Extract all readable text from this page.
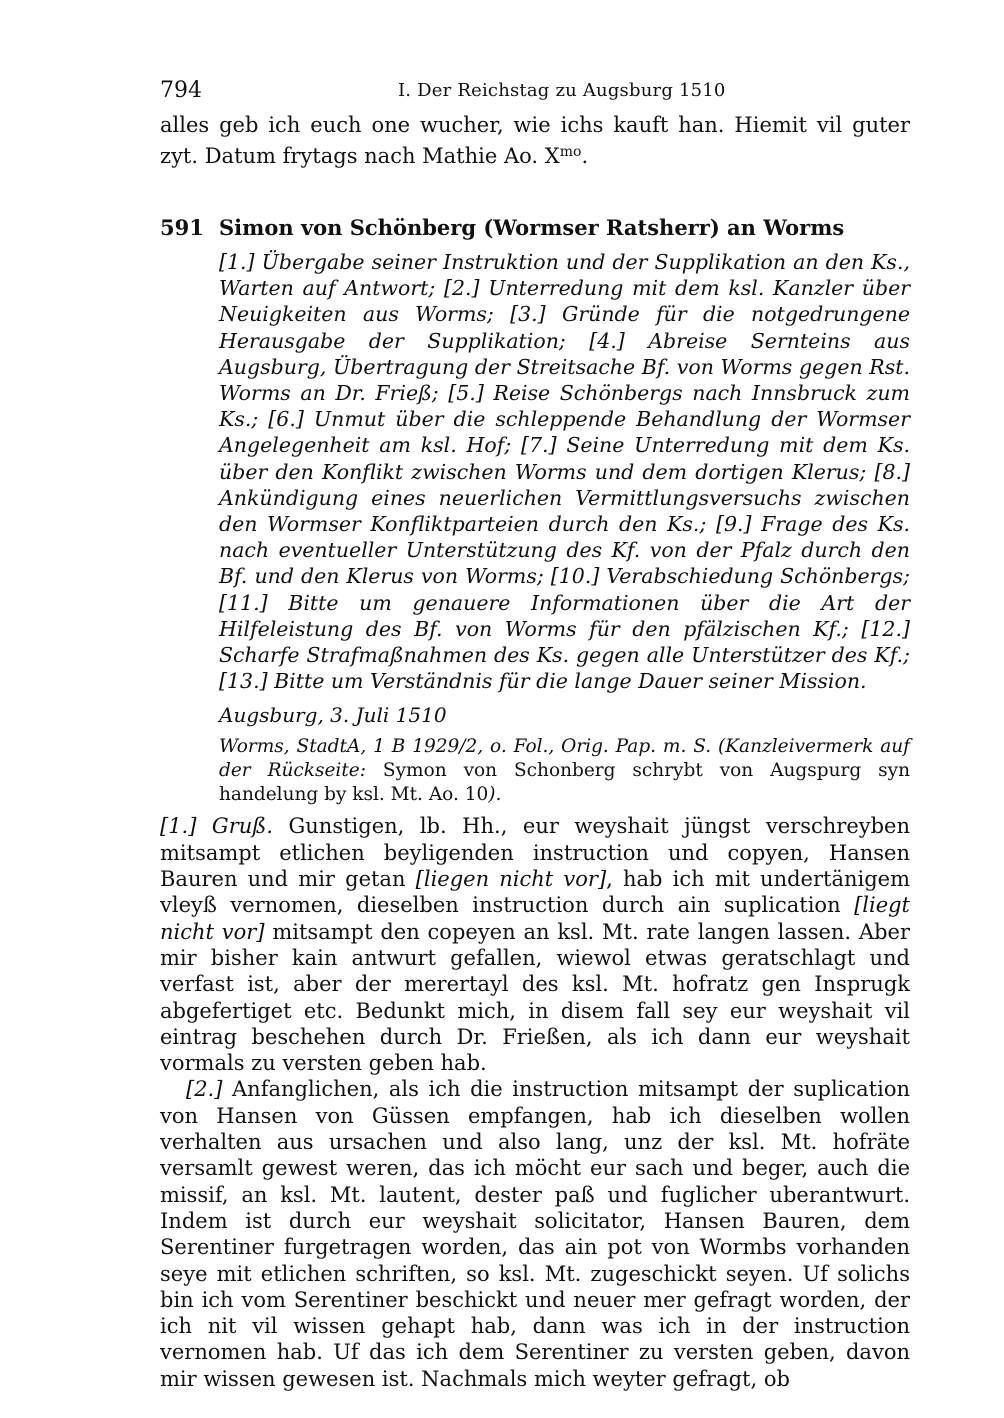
794	I. Der Reichstag zu Augsburg 1510

alles geb ich euch one wucher, wie ichs kauft han. Hiemit vil guter zyt. Datum frytags nach Mathie Ao. $X^{mo}$.

591 Simon von Schönberg (Wormser Ratsherr) an Worms
[1.] Übergabe seiner Instruktion und der Supplikation an den Ks., Warten auf Antwort; [2.] Unterredung mit dem ksl. Kanzler über Neuigkeiten aus Worms; [3.] Gründe für die notgedrungene Herausgabe der Supplikation; [4.] Abreise Sernteins aus Augsburg, Übertragung der Streitsache Bf. von Worms gegen Rst. Worms an Dr. Frieß; [5.] Reise Schönbergs nach Innsbruck zum Ks.; [6.] Unmut über die schleppende Behandlung der Wormser Angelegenheit am ksl. Hof; [7.] Seine Unterredung mit dem Ks. über den Konflikt zwischen Worms und dem dortigen Klerus; [8.] Ankündigung eines neuerlichen Vermittlungsversuchs zwischen den Wormser Konfliktparteien durch den Ks.; [9.] Frage des Ks. nach eventueller Unterstützung des Kf. von der Pfalz durch den Bf. und den Klerus von Worms; [10.] Verabschiedung Schönbergs; [11.] Bitte um genauere Informationen über die Art der Hilfeleistung des Bf. von Worms für den pfälzischen Kf.; [12.] Scharfe Strafmaßnahmen des Ks. gegen alle Unterstützer des Kf.; [13.] Bitte um Verständnis für die lange Dauer seiner Mission.
Augsburg, 3. Juli 1510
Worms, StadtA, 1 B 1929/2, o. Fol., Orig. Pap. m. S. (Kanzleivermerk auf der Rückseite: Symon von Schonberg schrybt von Augspurg syn handelung by ksl. Mt. Ao. 10).

[1.] Gruß. Gunstigen, lb. Hh., eur weyshait jüngst verschreyben mitsampt etlichen beyligenden instruction und copyen, Hansen Bauren und mir getan [liegen nicht vor], hab ich mit undertänigem vleyß vernomen, dieselben instruction durch ain suplication [liegt nicht vor] mitsampt den copeyen an ksl. Mt. rate langen lassen. Aber mir bisher kain antwurt gefallen, wiewol etwas geratschlagt und verfast ist, aber der merertayl des ksl. Mt. hofratz gen Insprugk abgefertiget etc. Bedunkt mich, in disem fall sey eur weyshait vil eintrag beschehen durch Dr. Frießen, als ich dann eur weyshait vormals zu versten geben hab.

[2.] Anfanglichen, als ich die instruction mitsampt der suplication von Hansen von Güssen empfangen, hab ich dieselben wollen verhalten aus ursachen und also lang, unz der ksl. Mt. hofräte versamlt gewest weren, das ich möcht eur sach und beger, auch die missif, an ksl. Mt. lautent, dester paß und fuglicher uberantwurt. Indem ist durch eur weyshait solicitator, Hansen Bauren, dem Serentiner furgetragen worden, das ain pot von Wormbs vorhanden seye mit etlichen schriften, so ksl. Mt. zugeschickt seyen. Uf solichs bin ich vom Serentiner beschickt und neuer mer gefragt worden, der ich nit vil wissen gehapt hab, dann was ich in der instruction vernomen hab. Uf das ich dem Serentiner zu versten geben, davon mir wissen gewesen ist. Nachmals mich weyter gefragt, ob
